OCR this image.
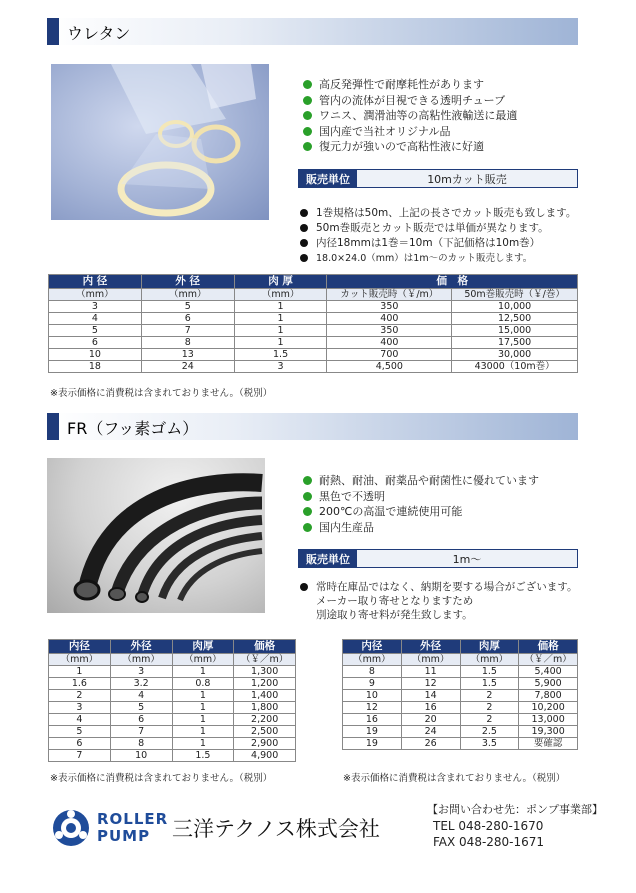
ウレタン
高反発弾性で耐摩耗性があります
管内の流体が目視できる透明チューブ
ワニス、潤滑油等の高粘性液輸送に最適
国内産で当社オリジナル品
復元力が強いので高粘性液に好適
販売単位	10mカット販売
1巻規格は50m、上記の長さでカット販売も致します。
50m巻販売とカット販売では単価が異なります。
内径18mmは1巻＝10m（下記価格は10m巻）
18.0×24.0（mm）は1m～のカット販売します。
内 径	外 径	肉 厚	価　格	
（mm）	（mm）	（mm）	カット販売時（￥/m）	50m巻販売時（￥/巻）
3	5	1	350	10,000
4	6	1	400	12,500
5	7	1	350	15,000
6	8	1	400	17,500
10	13	1.5	700	30,000
18	24	3	4,500	43000（10m巻）
※表示価格に消費税は含まれておりません。（税別）
FR（フッ素ゴム）
耐熱、耐油、耐薬品や耐菌性に優れています
黒色で不透明
200℃の高温で連続使用可能
国内生産品
販売単位	1m～
常時在庫品ではなく、納期を要する場合がございます。
メーカー取り寄せとなりますため
別途取り寄せ料が発生致します。
内径	外径	肉厚	価格
（mm）	（mm）	（mm）	（￥／m）
1	3	1	1,300
1.6	3.2	0.8	1,200
2	4	1	1,400
3	5	1	1,800
4	6	1	2,200
5	7	1	2,500
6	8	1	2,900
7	10	1.5	4,900
※表示価格に消費税は含まれておりません。（税別）
内径	外径	肉厚	価格
（mm）	（mm）	（mm）	（￥／m）
8	11	1.5	5,400
9	12	1.5	5,900
10	14	2	7,800
12	16	2	10,200
16	20	2	13,000
19	24	2.5	19,300
19	26	3.5	要確認
※表示価格に消費税は含まれておりません。（税別）
ROLLER
PUMP 三洋テクノス株式会社
【お問い合わせ先：ポンプ事業部】
TEL 048-280-1670
FAX 048-280-1671
